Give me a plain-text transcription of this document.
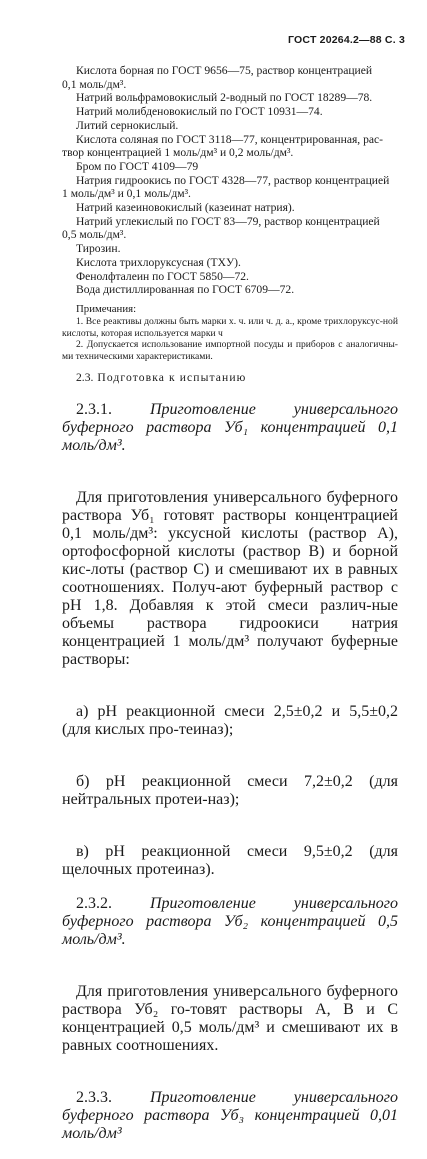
ГОСТ 20264.2—88 С. 3

Кислота борная по ГОСТ 9656—75, раствор концентрацией

0,1 моль/дм³.

Натрий вольфрамовокислый 2-водный по ГОСТ 18289—78.

Натрий молибденовокислый по ГОСТ 10931—74.

Литий сернокислый.

Кислота соляная по ГОСТ 3118—77, концентрированная, рас-

твор концентрацией 1 моль/дм³ и 0,2 моль/дм³.

Бром по ГОСТ 4109—79

Натрия гидроокись по ГОСТ 4328—77, раствор концентрацией

1 моль/дм³ и 0,1 моль/дм³.

Натрий казеиновокислый (казеинат натрия).

Натрий углекислый по ГОСТ 83—79, раствор концентрацией

0,5 моль/дм³.

Тирозин.

Кислота трихлоруксусная (ТХУ).

Фенолфталеин по ГОСТ 5850—72.

Вода дистиллированная по ГОСТ 6709—72.

Примечания:

1. Все реактивы должны быть марки х. ч. или ч. д. а., кроме трихлоруксус-ной кислоты, которая используется марки ч

2. Допускается использование импортной посуды и приборов с аналогичны-ми техническими характеристиками.

2.3. Подготовка к испытанию

2.3.1. Приготовление универсального буферного раствора Уб₁ концентрацией 0,1 моль/дм³.

Для приготовления универсального буферного раствора Уб₁ готовят растворы концентрацией 0,1 моль/дм³: уксусной кислоты (раствор А), ортофосфорной кислоты (раствор В) и борной кис-лоты (раствор С) и смешивают их в равных соотношениях. Получ-ают буферный раствор с рН 1,8. Добавляя к этой смеси различ-ные объемы раствора гидроокиси натрия концентрацией 1 моль/дм³ получают буферные растворы:

а) рН реакционной смеси 2,5±0,2 и 5,5±0,2 (для кислых про-теиназ);

б) рН реакционной смеси 7,2±0,2 (для нейтральных протеи-наз);

в) рН реакционной смеси 9,5±0,2 (для щелочных протеиназ).

2.3.2. Приготовление универсального буферного раствора Уб₂ концентрацией 0,5 моль/дм³.

Для приготовления универсального буферного раствора Уб₂ го-товят растворы А, В и С концентрацией 0,5 моль/дм³ и смешивают их в равных соотношениях.

2.3.3. Приготовление универсального буферного раствора Уб₃ концентрацией 0,01 моль/дм³
